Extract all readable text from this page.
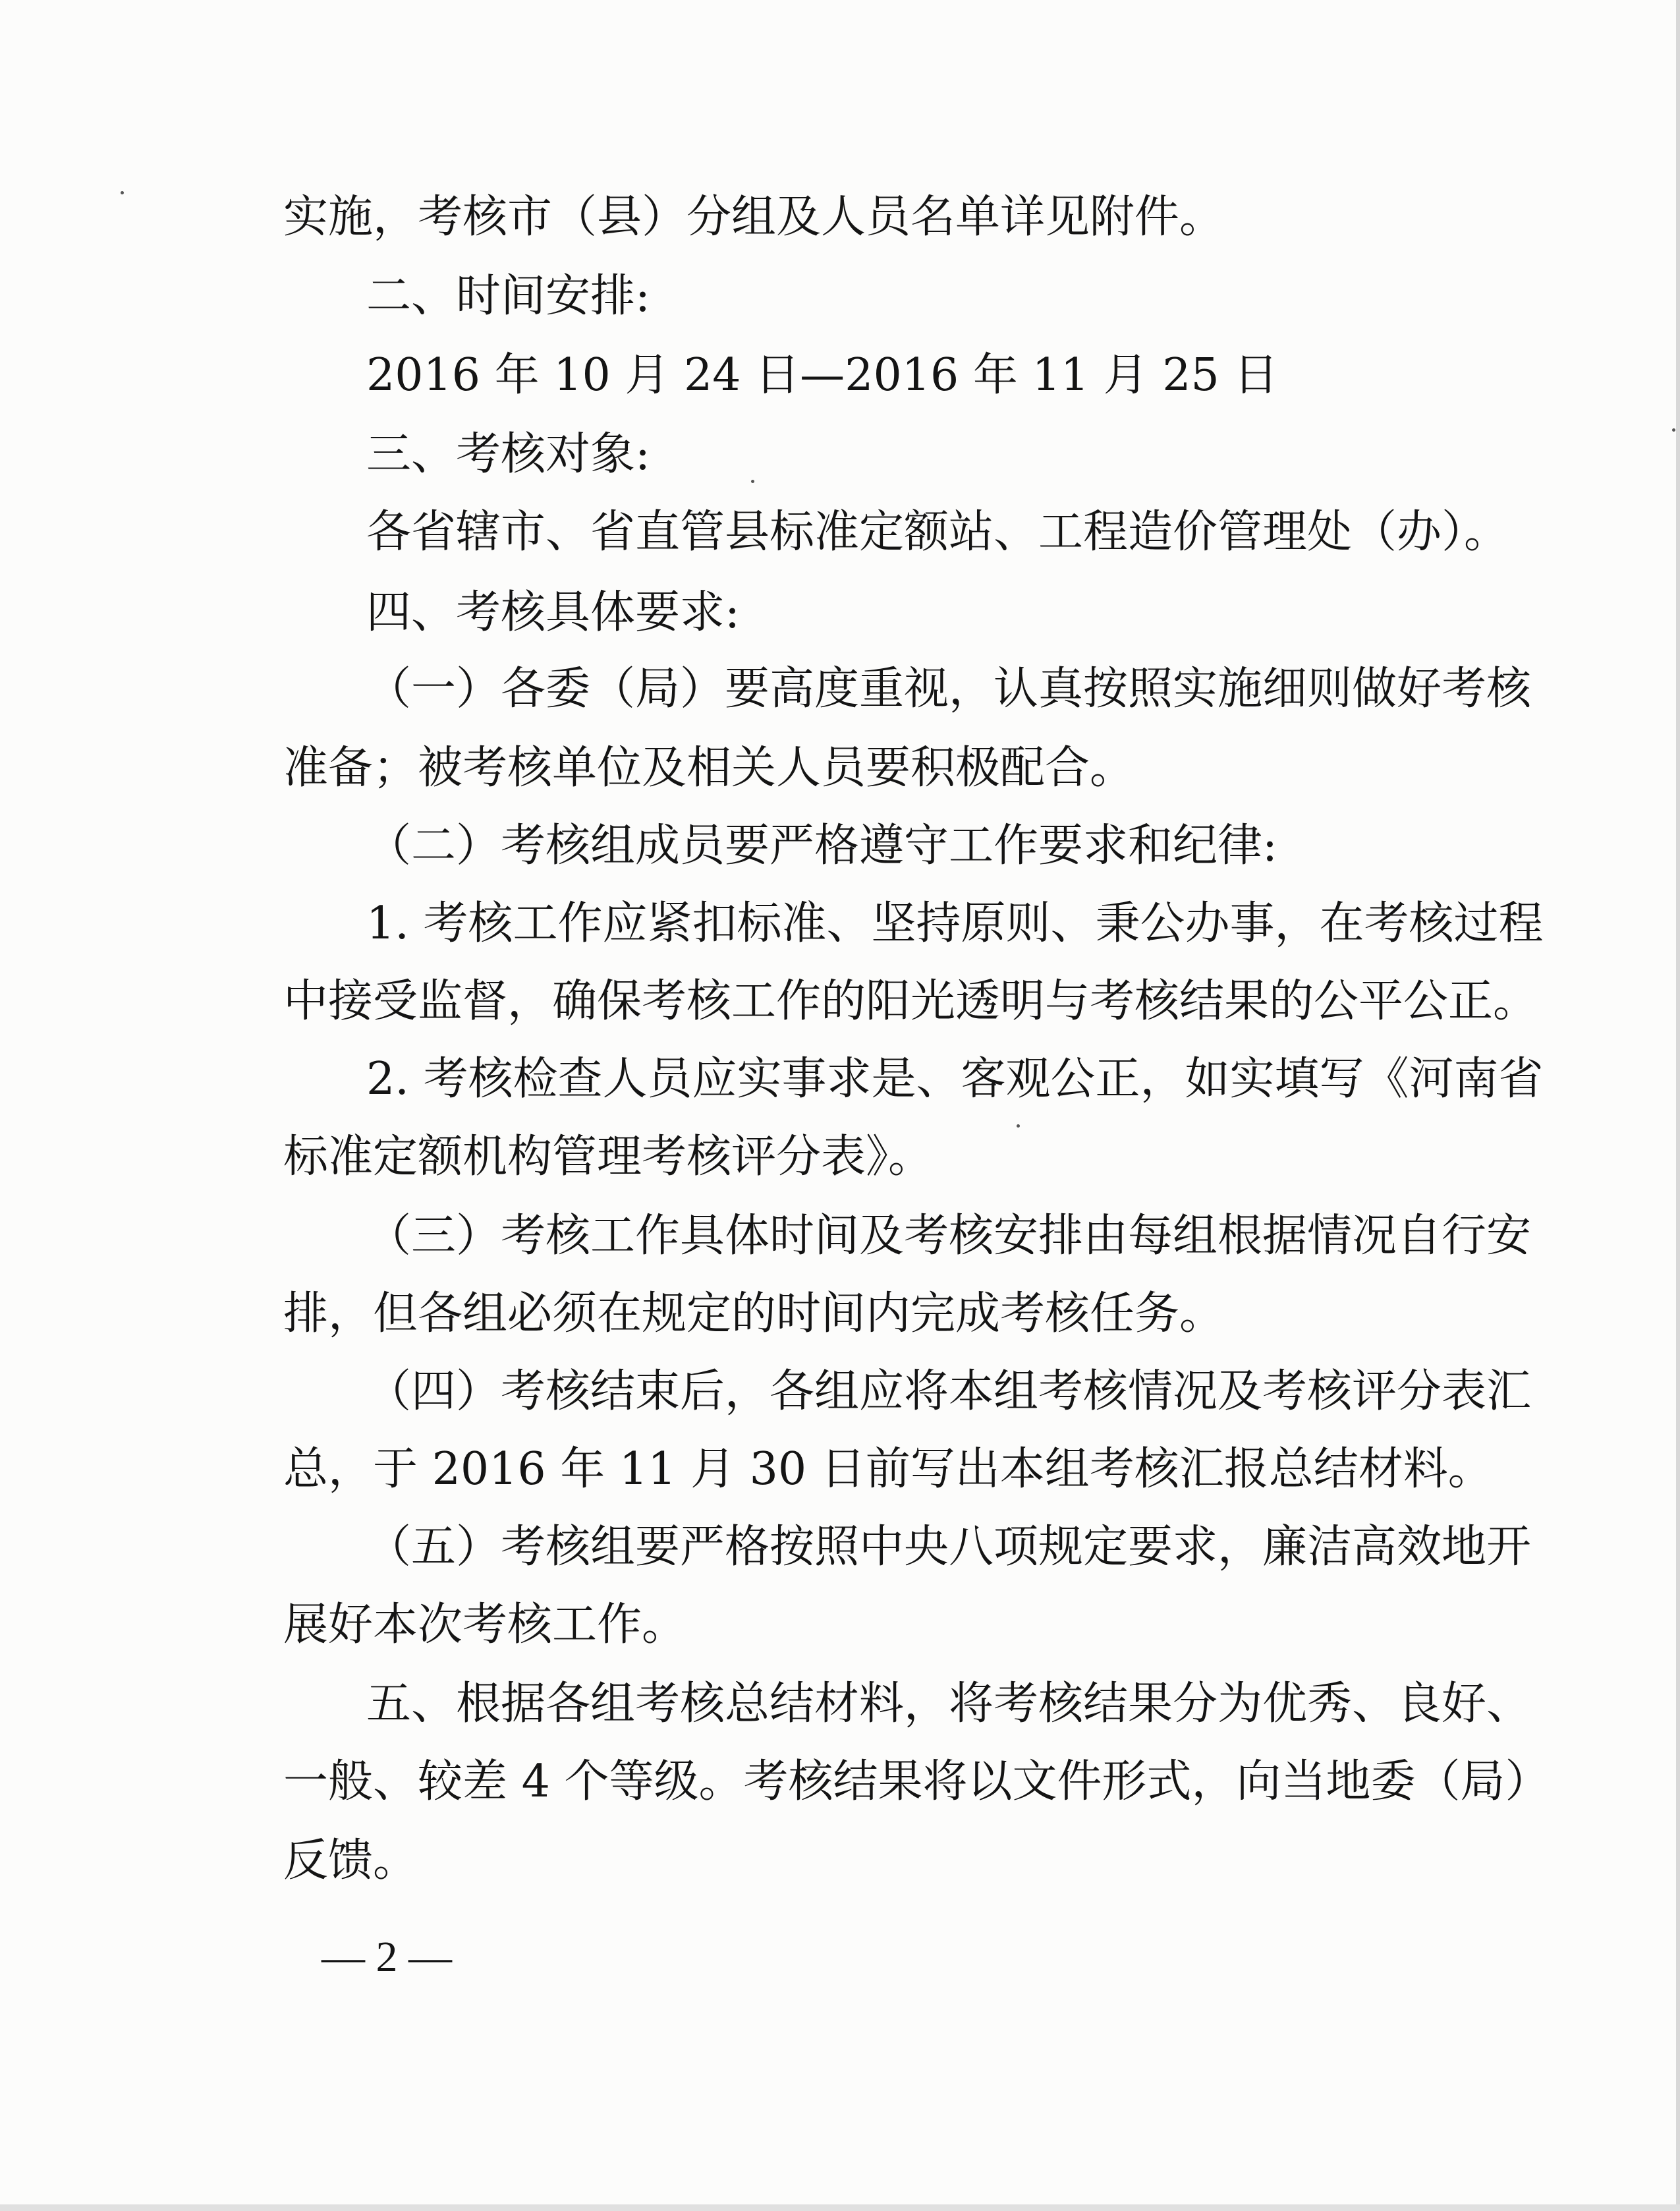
实施，考核市（县）分组及人员名单详见附件。
二、时间安排:
2016 年 10 月 24 日—2016 年 11 月 25 日
三、考核对象:
各省辖市、省直管县标准定额站、工程造价管理处（办）。
四、考核具体要求:
（一）各委（局）要高度重视，认真按照实施细则做好考核
准备；被考核单位及相关人员要积极配合。
（二）考核组成员要严格遵守工作要求和纪律:
1. 考核工作应紧扣标准、坚持原则、秉公办事，在考核过程
中接受监督，确保考核工作的阳光透明与考核结果的公平公正。
2. 考核检查人员应实事求是、客观公正，如实填写《河南省
标准定额机构管理考核评分表》。
（三）考核工作具体时间及考核安排由每组根据情况自行安
排，但各组必须在规定的时间内完成考核任务。
（四）考核结束后，各组应将本组考核情况及考核评分表汇
总，于 2016 年 11 月 30 日前写出本组考核汇报总结材料。
（五）考核组要严格按照中央八项规定要求，廉洁高效地开
展好本次考核工作。
五、根据各组考核总结材料，将考核结果分为优秀、良好、
一般、较差 4 个等级。考核结果将以文件形式，向当地委（局）
反馈。
— 2 —
